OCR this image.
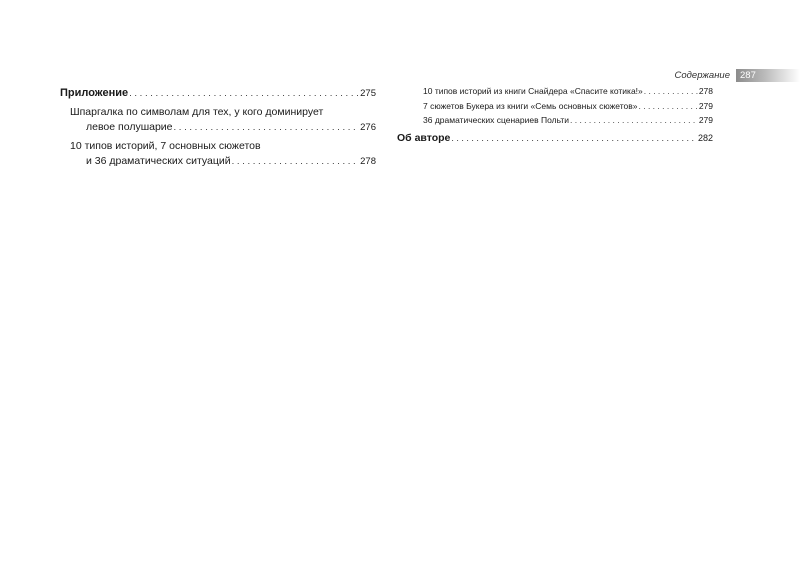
Содержание	287
Приложение . . .	275
Шпаргалка по символам для тех, у кого доминирует
левое полушарие . . .	276
10 типов историй, 7 основных сюжетов
и 36 драматических ситуаций . . .	278
10 типов историй из книги Снайдера «Спасите котика!» . . .	278
7 сюжетов Букера из книги «Семь основных сюжетов» . . .	279
36 драматических сценариев Польти . . .	279
Об авторе . . .	282
